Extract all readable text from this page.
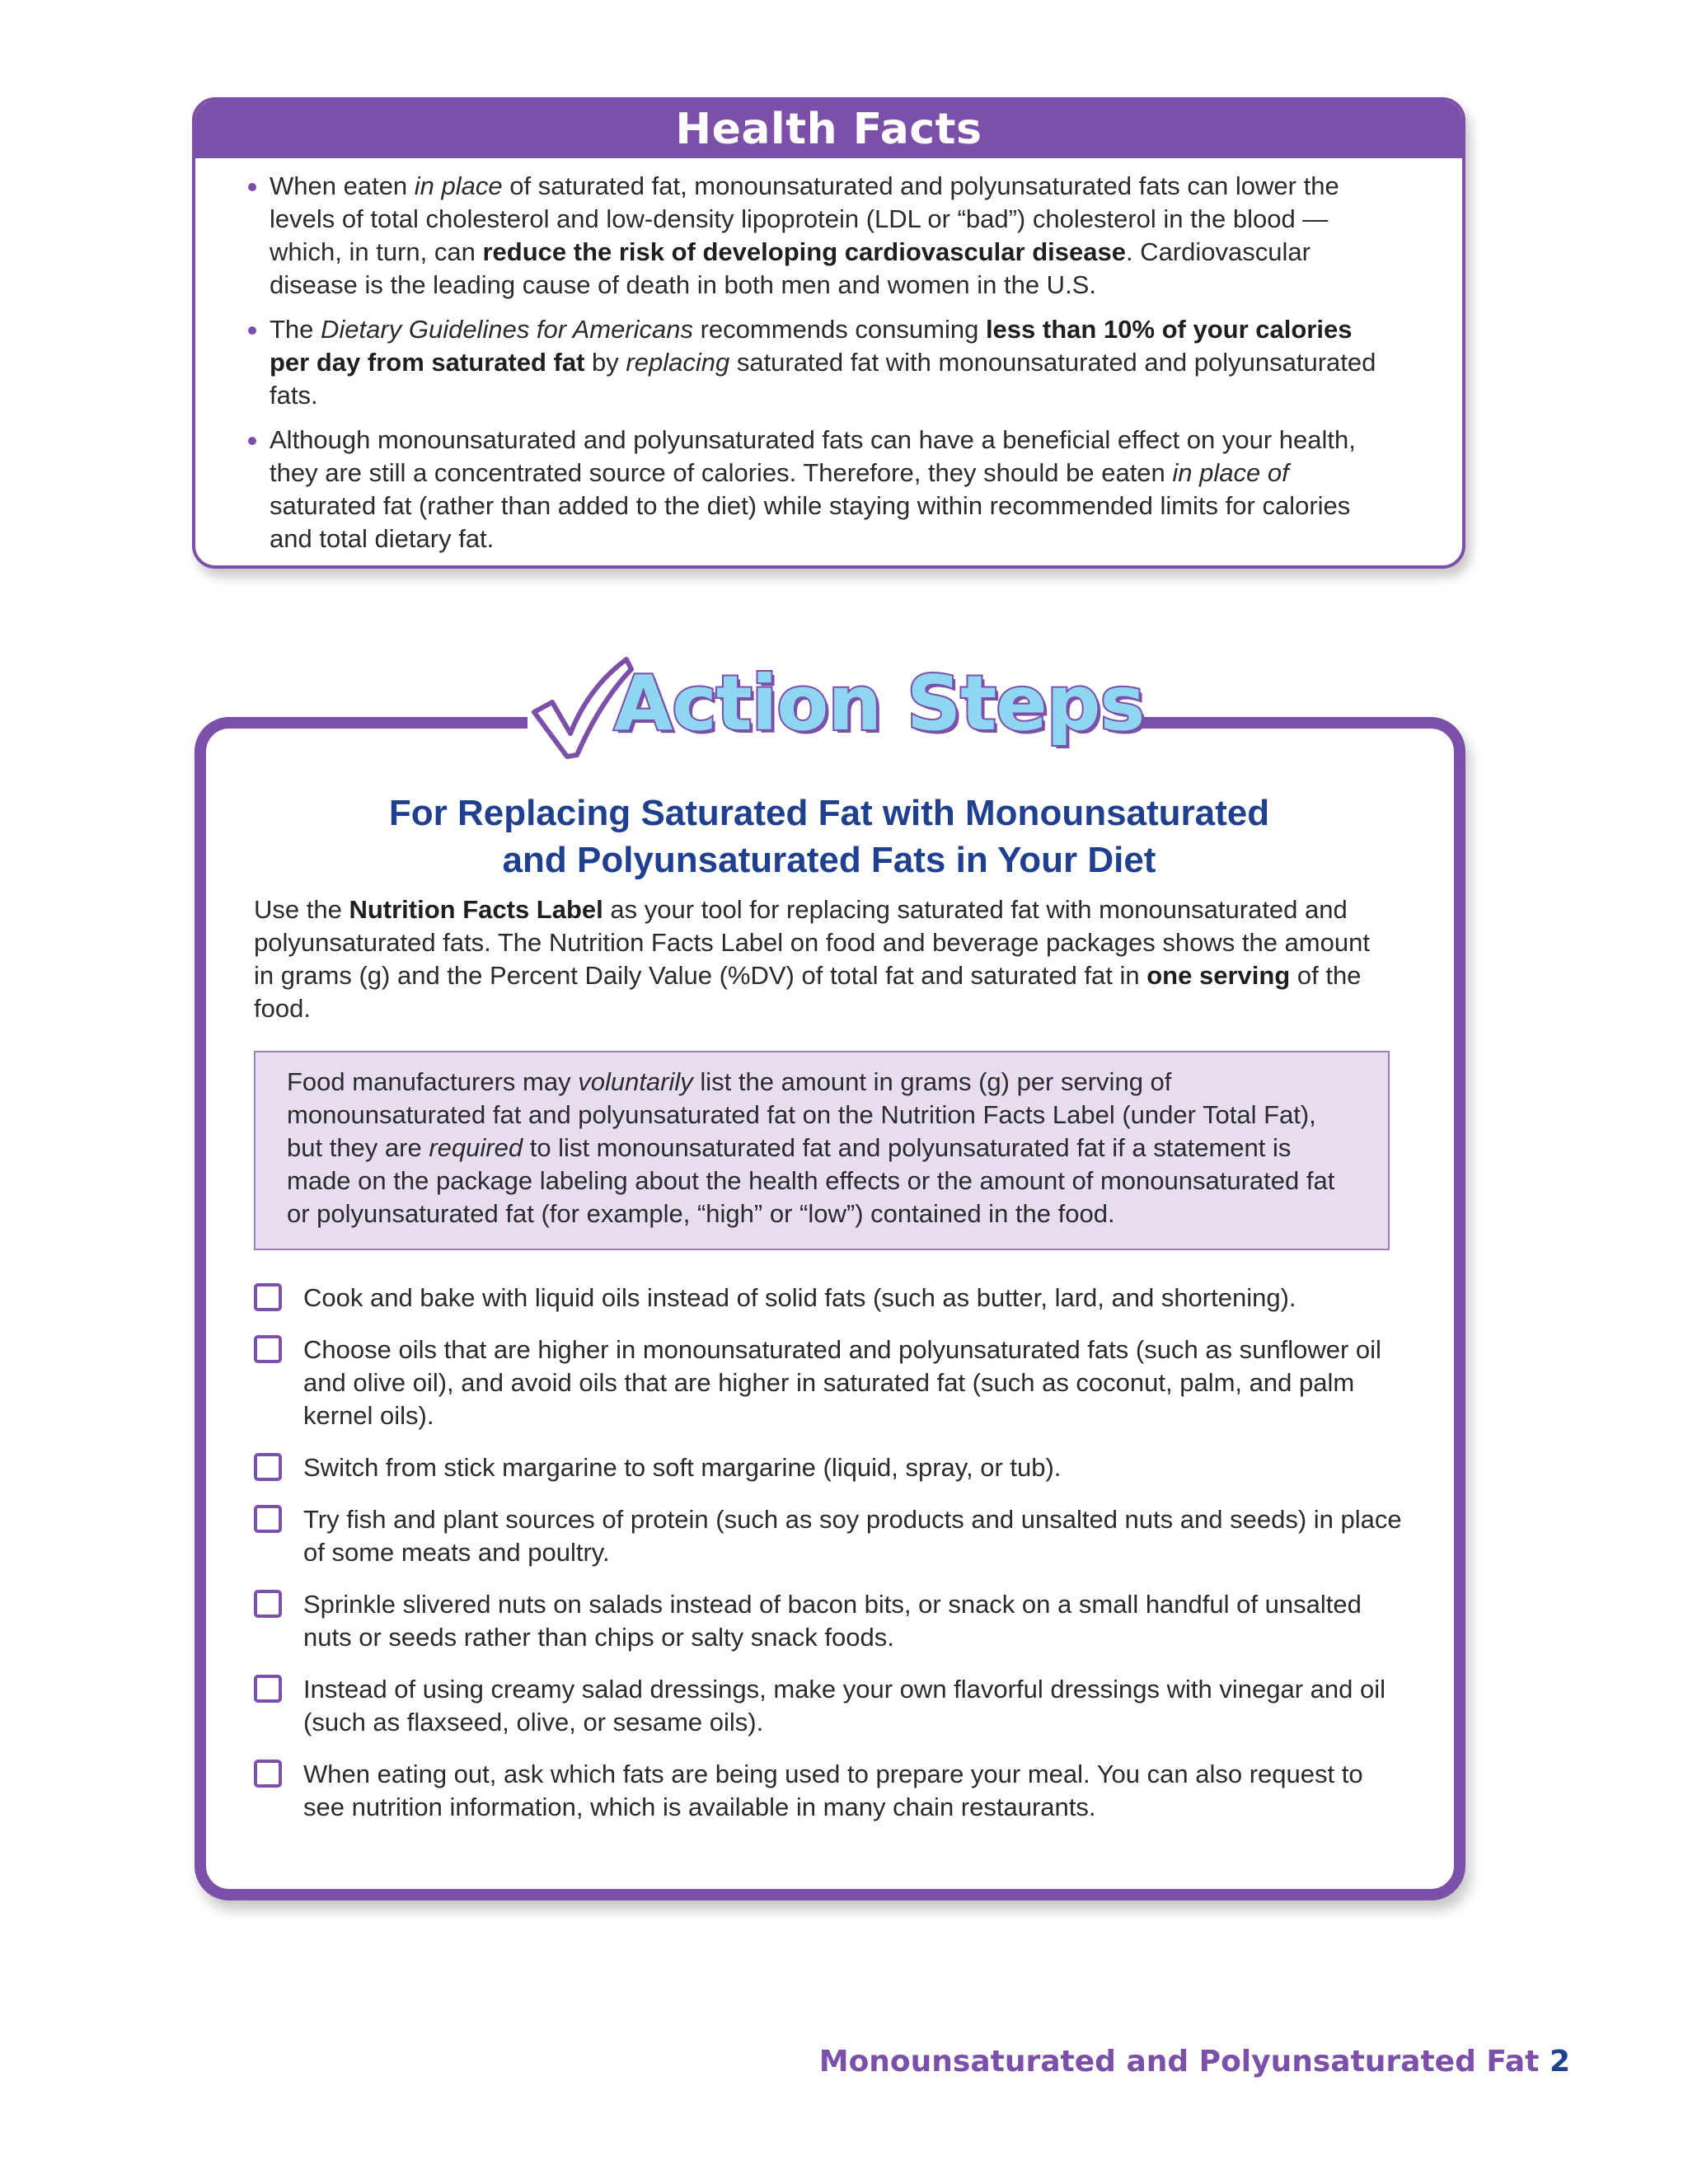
Health Facts
When eaten in place of saturated fat, monounsaturated and polyunsaturated fats can lower the levels of total cholesterol and low-density lipoprotein (LDL or “bad”) cholesterol in the blood — which, in turn, can reduce the risk of developing cardiovascular disease. Cardiovascular disease is the leading cause of death in both men and women in the U.S.
The Dietary Guidelines for Americans recommends consuming less than 10% of your calories per day from saturated fat by replacing saturated fat with monounsaturated and polyunsaturated fats.
Although monounsaturated and polyunsaturated fats can have a beneficial effect on your health, they are still a concentrated source of calories. Therefore, they should be eaten in place of saturated fat (rather than added to the diet) while staying within recommended limits for calories and total dietary fat.
Action Steps
For Replacing Saturated Fat with Monounsaturated
and Polyunsaturated Fats in Your Diet

Use the Nutrition Facts Label as your tool for replacing saturated fat with monounsaturated and polyunsaturated fats. The Nutrition Facts Label on food and beverage packages shows the amount in grams (g) and the Percent Daily Value (%DV) of total fat and saturated fat in one serving of the food.

Food manufacturers may voluntarily list the amount in grams (g) per serving of monounsaturated fat and polyunsaturated fat on the Nutrition Facts Label (under Total Fat), but they are required to list monounsaturated fat and polyunsaturated fat if a statement is made on the package labeling about the health effects or the amount of monounsaturated fat or polyunsaturated fat (for example, “high” or “low”) contained in the food.
Cook and bake with liquid oils instead of solid fats (such as butter, lard, and shortening).
Choose oils that are higher in monounsaturated and polyunsaturated fats (such as sunflower oil and olive oil), and avoid oils that are higher in saturated fat (such as coconut, palm, and palm kernel oils).
Switch from stick margarine to soft margarine (liquid, spray, or tub).
Try fish and plant sources of protein (such as soy products and unsalted nuts and seeds) in place of some meats and poultry.
Sprinkle slivered nuts on salads instead of bacon bits, or snack on a small handful of unsalted nuts or seeds rather than chips or salty snack foods.
Instead of using creamy salad dressings, make your own flavorful dressings with vinegar and oil (such as flaxseed, olive, or sesame oils).
When eating out, ask which fats are being used to prepare your meal. You can also request to see nutrition information, which is available in many chain restaurants.
Monounsaturated and Polyunsaturated Fat 2
